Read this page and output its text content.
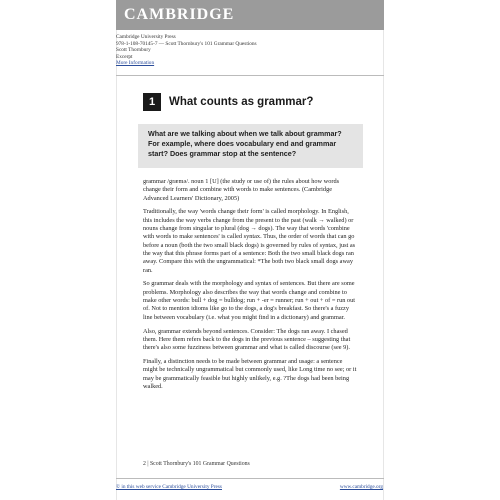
CAMBRIDGE
Cambridge University Press
978-1-108-70145-7 — Scott Thornbury's 101 Grammar Questions
Scott Thornbury
Excerpt
More Information
1	What counts as grammar?
What are we talking about when we talk about grammar? For example, where does vocabulary end and grammar start? Does grammar stop at the sentence?

grammar /græmə/. noun 1 [U] (the study or use of) the rules about how words change their form and combine with words to make sentences. (Cambridge Advanced Learners' Dictionary, 2005)

Traditionally, the way 'words change their form' is called morphology. In English, this includes the way verbs change from the present to the past (walk → walked) or nouns change from singular to plural (dog → dogs). The way that words 'combine with words to make sentences' is called syntax. Thus, the order of words that can go before a noun (both the two small black dogs) is governed by rules of syntax, just as the way that this phrase forms part of a sentence: Both the two small black dogs ran away. Compare this with the ungrammatical: *The both two black small dogs away ran.

So grammar deals with the morphology and syntax of sentences. But there are some problems. Morphology also describes the way that words change and combine to make other words: bull + dog = bulldog; run + -er = runner; run + out + of = run out of. Not to mention idioms like go to the dogs, a dog's breakfast. So there's a fuzzy line between vocabulary (i.e. what you might find in a dictionary) and grammar.

Also, grammar extends beyond sentences. Consider: The dogs ran away. I chased them. Here them refers back to the dogs in the previous sentence – suggesting that there's also some fuzziness between grammar and what is called discourse (see 9).

Finally, a distinction needs to be made between grammar and usage: a sentence might be technically ungrammatical but commonly used, like Long time no see; or it may be grammatically feasible but highly unlikely, e.g. ?The dogs had been being walked.

2 | Scott Thornbury's 101 Grammar Questions
© in this web service Cambridge University Press	www.cambridge.org
